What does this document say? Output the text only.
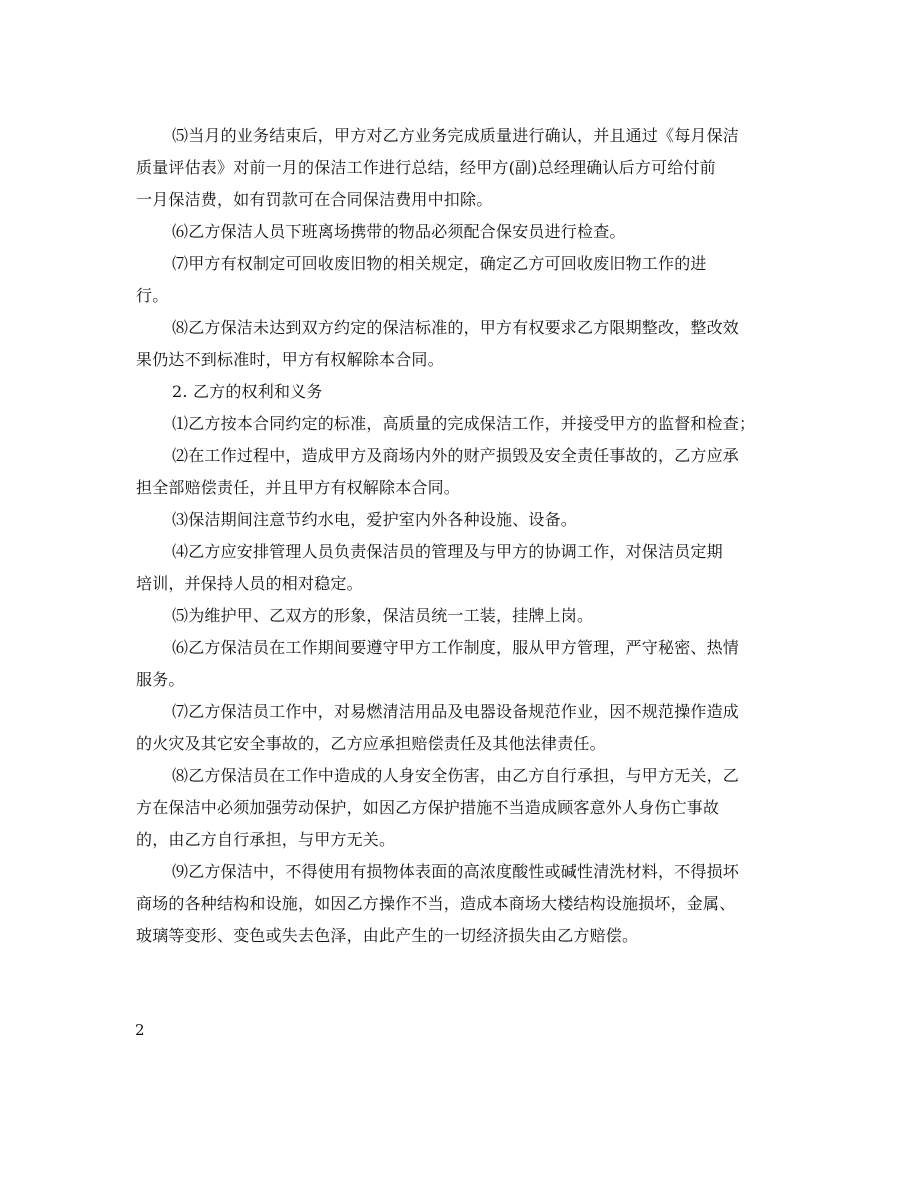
⑸当月的业务结束后，甲方对乙方业务完成质量进行确认，并且通过《每月保洁
质量评估表》对前一月的保洁工作进行总结，经甲方(副)总经理确认后方可给付前
一月保洁费，如有罚款可在合同保洁费用中扣除。
⑹乙方保洁人员下班离场携带的物品必须配合保安员进行检查。
⑺甲方有权制定可回收废旧物的相关规定，确定乙方可回收废旧物工作的进
行。
⑻乙方保洁未达到双方约定的保洁标准的，甲方有权要求乙方限期整改，整改效
果仍达不到标准时，甲方有权解除本合同。
2. 乙方的权利和义务
⑴乙方按本合同约定的标准，高质量的完成保洁工作，并接受甲方的监督和检查；
⑵在工作过程中，造成甲方及商场内外的财产损毁及安全责任事故的，乙方应承
担全部赔偿责任，并且甲方有权解除本合同。
⑶保洁期间注意节约水电，爱护室内外各种设施、设备。
⑷乙方应安排管理人员负责保洁员的管理及与甲方的协调工作，对保洁员定期
培训，并保持人员的相对稳定。
⑸为维护甲、乙双方的形象，保洁员统一工装，挂牌上岗。
⑹乙方保洁员在工作期间要遵守甲方工作制度，服从甲方管理，严守秘密、热情
服务。
⑺乙方保洁员工作中，对易燃清洁用品及电器设备规范作业，因不规范操作造成
的火灾及其它安全事故的，乙方应承担赔偿责任及其他法律责任。
⑻乙方保洁员在工作中造成的人身安全伤害，由乙方自行承担，与甲方无关，乙
方在保洁中必须加强劳动保护，如因乙方保护措施不当造成顾客意外人身伤亡事故
的，由乙方自行承担，与甲方无关。
⑼乙方保洁中，不得使用有损物体表面的高浓度酸性或碱性清洗材料，不得损坏
商场的各种结构和设施，如因乙方操作不当，造成本商场大楼结构设施损坏，金属、
玻璃等变形、变色或失去色泽，由此产生的一切经济损失由乙方赔偿。
2
